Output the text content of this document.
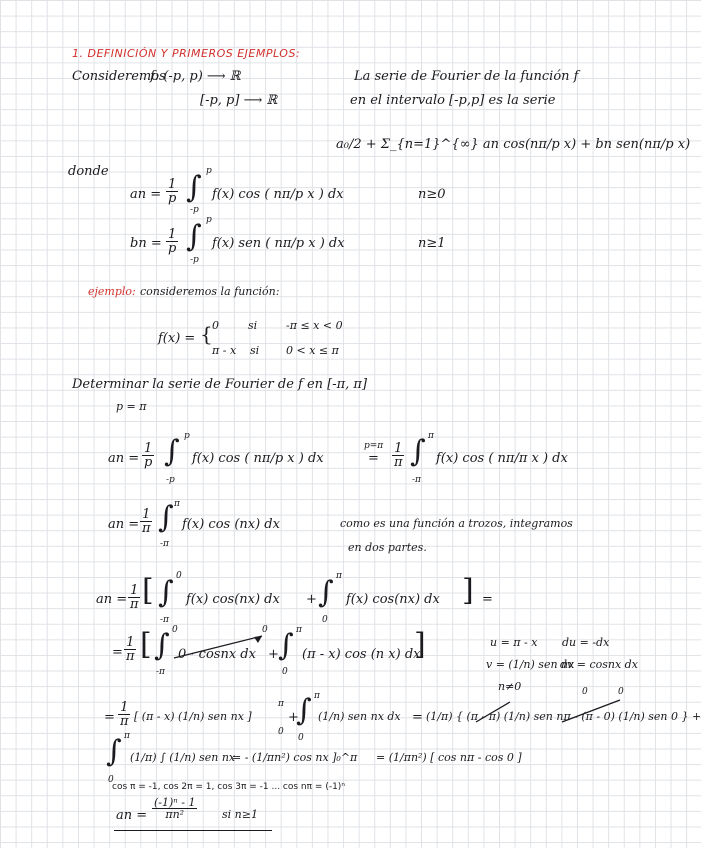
1. DEFINICIÓN Y PRIMEROS EJEMPLOS:
Consideremos
f: (-p, p) ⟶ ℝ
[-p, p] ⟶ ℝ
La serie de Fourier de la función f
en el intervalo [-p,p] es la serie
a₀/2 + Σ_{n=1}^{∞} an cos(nπ/p x) + bn sen(nπ/p x)
donde
an = $\frac{1}{p}$ ∫ p
-p
f(x) cos ( nπ/p x ) dx	n≥0
bn = $\frac{1}{p}$ ∫ p
-p
f(x) sen ( nπ/p x ) dx	n≥1
ejemplo: consideremos la función:
f(x) = { 0	si	-π ≤ x < 0
π - x si 0 < x ≤ π
Determinar la serie de Fourier de f en [-π, π]
p = π
an = $\frac{1}{p}$ ∫ p
-p
f(x) cos ( nπ/p x ) dx
p=π
= $\frac{1}{\pi}$ ∫ π
-π
f(x) cos ( nπ/π x ) dx
an = $\frac{1}{\pi}$ ∫ π
-π
f(x) cos (nx) dx	como es una función a trozos, integramos
en dos partes.
an = $\frac{1}{\pi}$ [ ∫ 0
-π
f(x) cos(nx) dx + ∫ π
0
f(x) cos(nx) dx ] =
= $\frac{1}{\pi}$ [ ∫ 0
-π
0 · cosnx dx
0
+ ∫ π
0
(π - x) cos (n x) dx
]	u = π - x du = -dx
v = (1/n) sen nx
dv = cosnx dx
n≠0
= $\frac{1}{\pi}$ [ (π - x) (1/n) sen nx ]
π
0
+
∫ π
0
(1/n) sen nx dx = (1/π) { (π - π) (1/n) sen nπ - (π - 0) (1/n) sen 0 } +
0	0
∫ π
0
(1/π) ∫ (1/n) sen nx
= - (1/πn²) cos nx ]₀^π = (1/πn²) [ cos nπ - cos 0 ]
cos π = -1, cos 2π = 1, cos 3π = -1 ... cos nπ = (-1)ⁿ
an = $\frac{\text{(-1)ⁿ - 1}}{\text{πn²}}$ si n≥1
